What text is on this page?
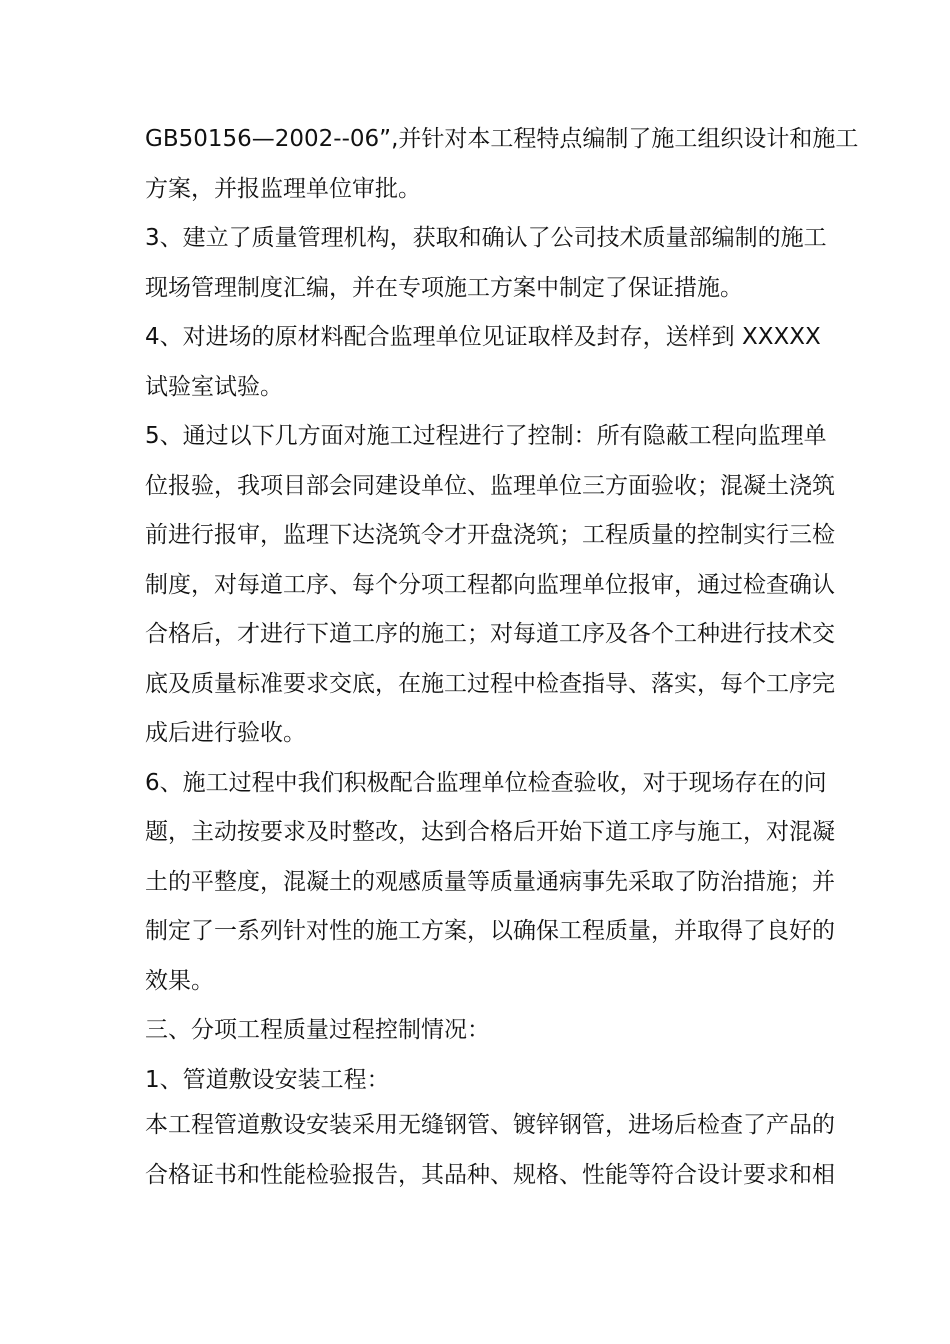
GB50156—2002--06”,并针对本工程特点编制了施工组织设计和施工
方案，并报监理单位审批。

3、建立了质量管理机构，获取和确认了公司技术质量部编制的施工
现场管理制度汇编，并在专项施工方案中制定了保证措施。

4、对进场的原材料配合监理单位见证取样及封存，送样到 XXXXX
试验室试验。

5、通过以下几方面对施工过程进行了控制：所有隐蔽工程向监理单
位报验，我项目部会同建设单位、监理单位三方面验收；混凝土浇筑
前进行报审，监理下达浇筑令才开盘浇筑；工程质量的控制实行三检
制度，对每道工序、每个分项工程都向监理单位报审，通过检查确认
合格后，才进行下道工序的施工；对每道工序及各个工种进行技术交
底及质量标准要求交底，在施工过程中检查指导、落实，每个工序完
成后进行验收。

6、施工过程中我们积极配合监理单位检查验收，对于现场存在的问
题，主动按要求及时整改，达到合格后开始下道工序与施工，对混凝
土的平整度，混凝土的观感质量等质量通病事先采取了防治措施；并
制定了一系列针对性的施工方案，以确保工程质量，并取得了良好的
效果。

三、分项工程质量过程控制情况：

1、管道敷设安装工程：

本工程管道敷设安装采用无缝钢管、镀锌钢管，进场后检查了产品的
合格证书和性能检验报告，其品种、规格、性能等符合设计要求和相
